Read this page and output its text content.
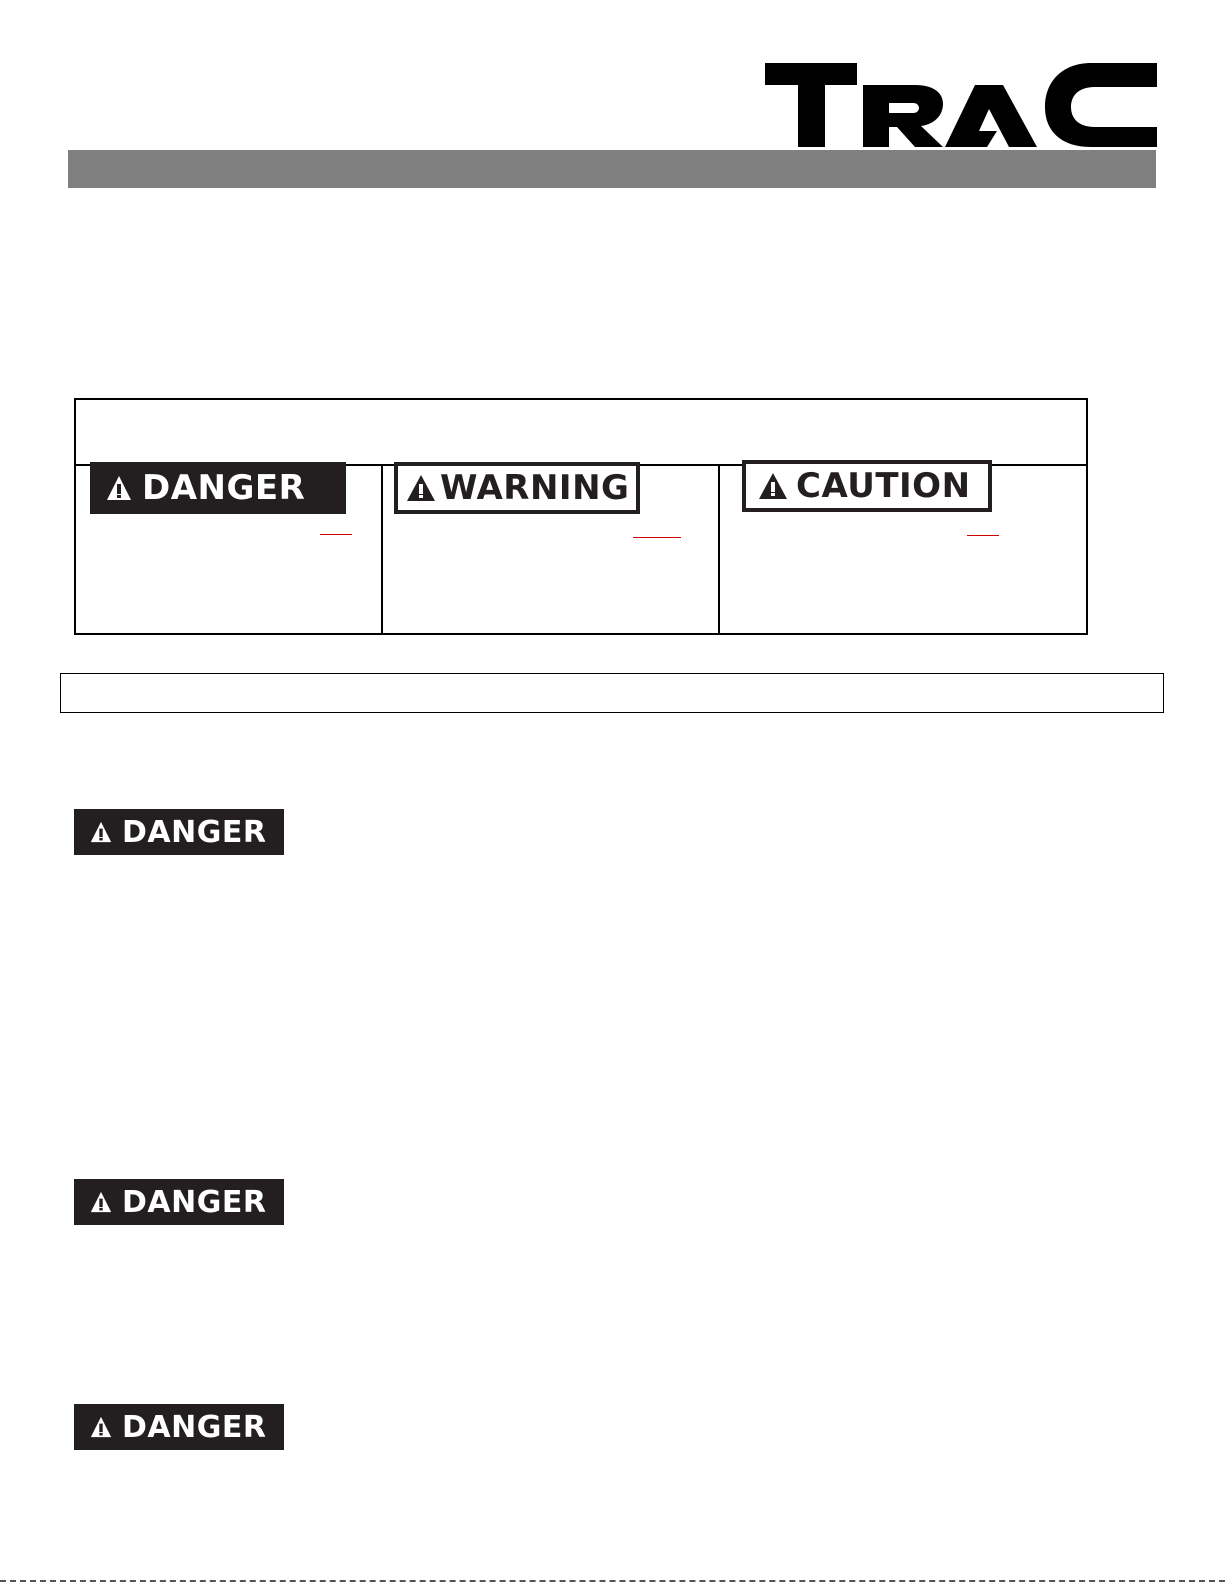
DANGER	WARNING	CAUTION
DANGER
DANGER
DANGER
